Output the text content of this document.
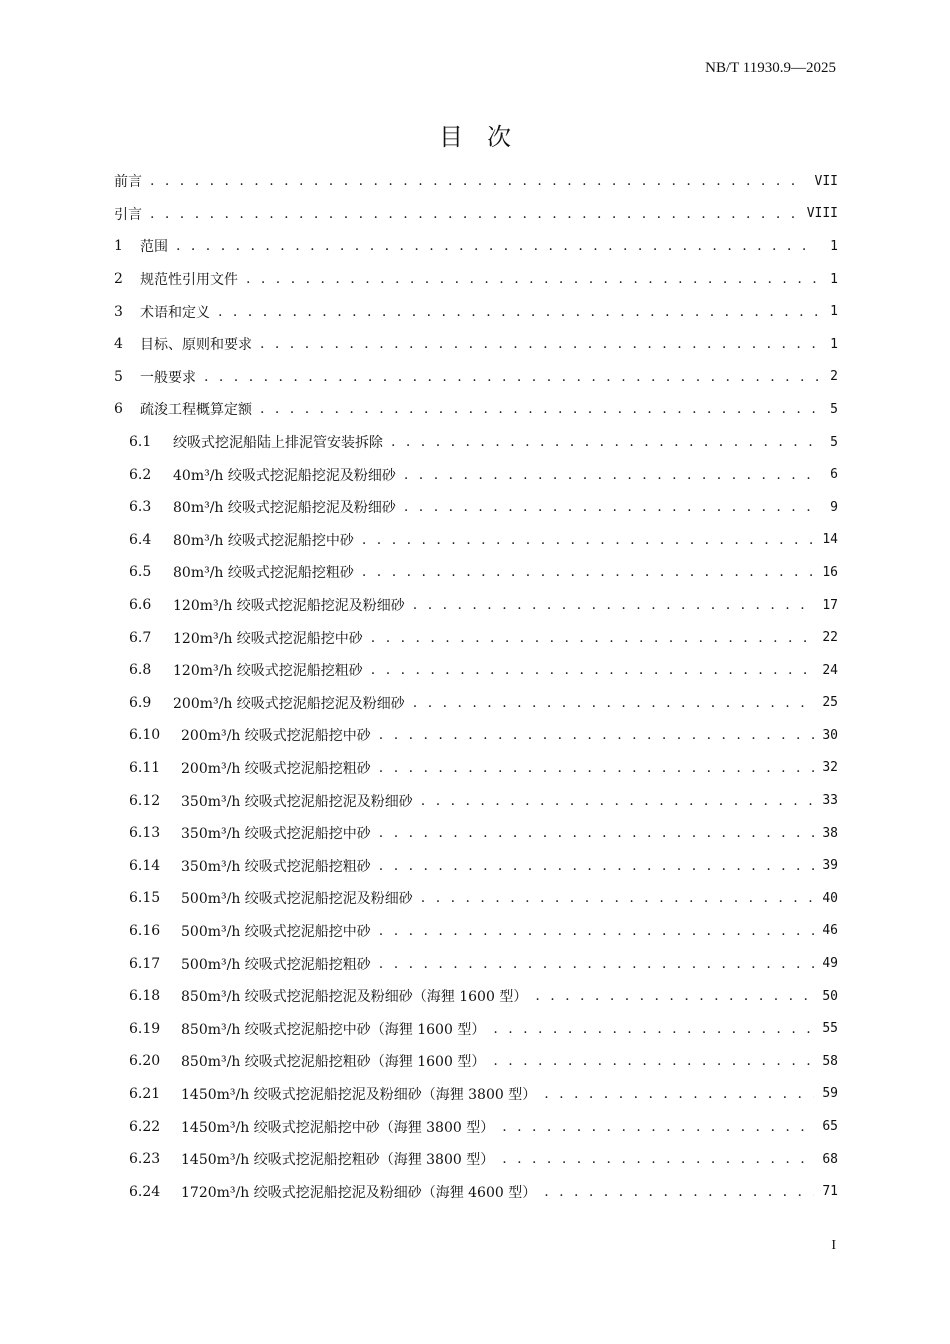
NB/T 11930.9—2025
目　次
前言 . . .	VII
引言 . . .	VIII
1	范围 . . .	1
2	规范性引用文件 . . .	1
3	术语和定义 . . .	1
4	目标、原则和要求 . . .	1
5	一般要求 . . .	2
6	疏浚工程概算定额 . . .	5
6.1	绞吸式挖泥船陆上排泥管安装拆除 . . .	5
6.2	40m³/h 绞吸式挖泥船挖泥及粉细砂 . . .	6
6.3	80m³/h 绞吸式挖泥船挖泥及粉细砂 . . .	9
6.4	80m³/h 绞吸式挖泥船挖中砂 . . .	14
6.5	80m³/h 绞吸式挖泥船挖粗砂 . . .	16
6.6	120m³/h 绞吸式挖泥船挖泥及粉细砂 . . .	17
6.7	120m³/h 绞吸式挖泥船挖中砂 . . .	22
6.8	120m³/h 绞吸式挖泥船挖粗砂 . . .	24
6.9	200m³/h 绞吸式挖泥船挖泥及粉细砂 . . .	25
6.10	200m³/h 绞吸式挖泥船挖中砂 . . .	30
6.11	200m³/h 绞吸式挖泥船挖粗砂 . . .	32
6.12	350m³/h 绞吸式挖泥船挖泥及粉细砂 . . .	33
6.13	350m³/h 绞吸式挖泥船挖中砂 . . .	38
6.14	350m³/h 绞吸式挖泥船挖粗砂 . . .	39
6.15	500m³/h 绞吸式挖泥船挖泥及粉细砂 . . .	40
6.16	500m³/h 绞吸式挖泥船挖中砂 . . .	46
6.17	500m³/h 绞吸式挖泥船挖粗砂 . . .	49
6.18	850m³/h 绞吸式挖泥船挖泥及粉细砂（海狸 1600 型） . . .	50
6.19	850m³/h 绞吸式挖泥船挖中砂（海狸 1600 型） . . .	55
6.20	850m³/h 绞吸式挖泥船挖粗砂（海狸 1600 型） . . .	58
6.21	1450m³/h 绞吸式挖泥船挖泥及粉细砂（海狸 3800 型） . . .	59
6.22	1450m³/h 绞吸式挖泥船挖中砂（海狸 3800 型） . . .	65
6.23	1450m³/h 绞吸式挖泥船挖粗砂（海狸 3800 型） . . .	68
6.24	1720m³/h 绞吸式挖泥船挖泥及粉细砂（海狸 4600 型） . . .	71
I
